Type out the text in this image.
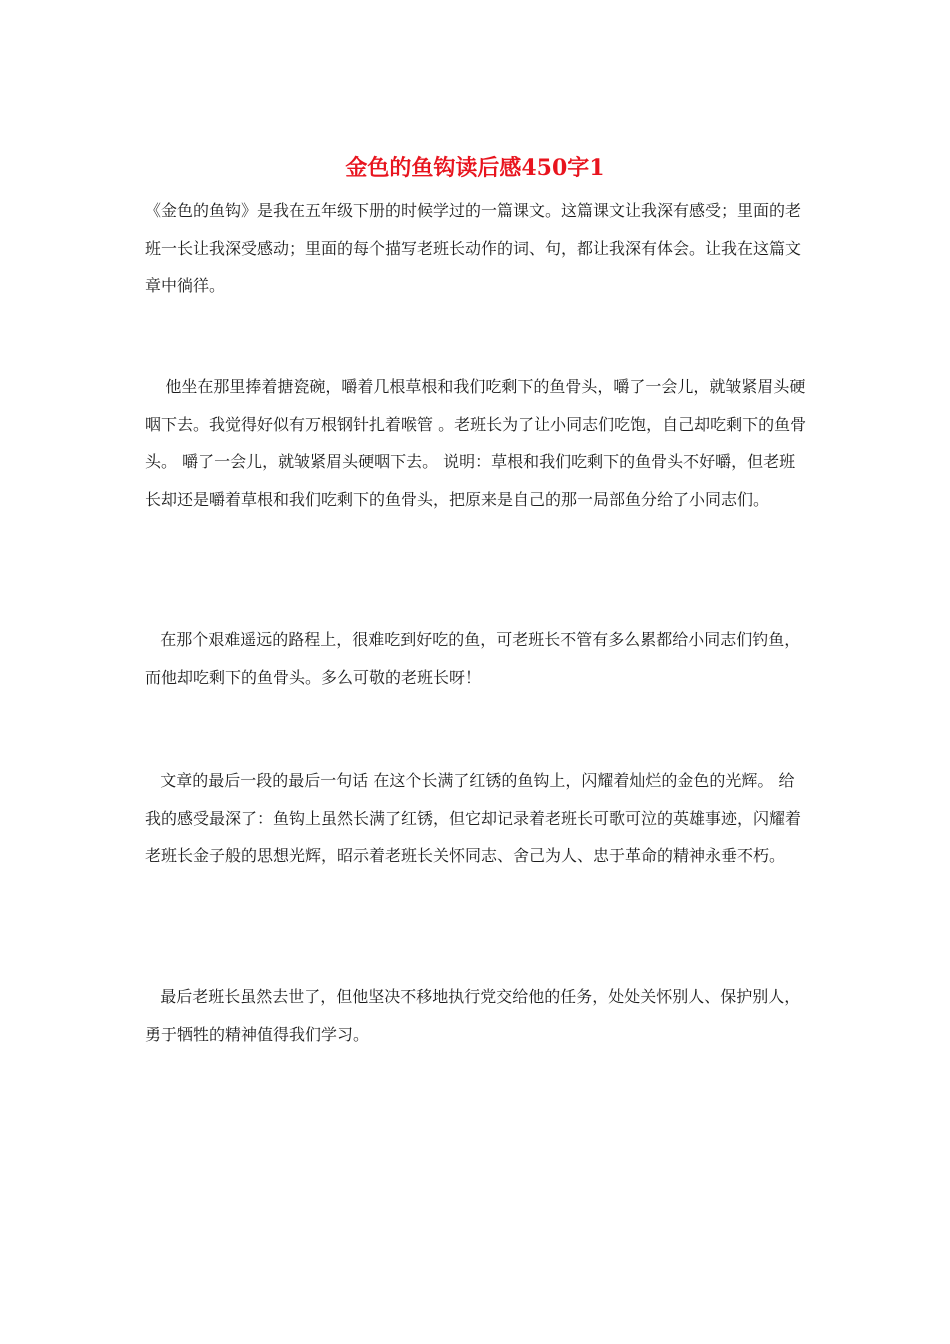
金色的鱼钩读后感450字1

《金色的鱼钩》是我在五年级下册的时候学过的一篇课文。这篇课文让我深有感受；里面的老班一长让我深受感动；里面的每个描写老班长动作的词、句，都让我深有体会。让我在这篇文章中徜徉。

他坐在那里捧着搪瓷碗，嚼着几根草根和我们吃剩下的鱼骨头，嚼了一会儿，就皱紧眉头硬咽下去。我觉得好似有万根钢针扎着喉管 。老班长为了让小同志们吃饱，自己却吃剩下的鱼骨头。 嚼了一会儿，就皱紧眉头硬咽下去。 说明：草根和我们吃剩下的鱼骨头不好嚼，但老班长却还是嚼着草根和我们吃剩下的鱼骨头，把原来是自己的那一局部鱼分给了小同志们。

在那个艰难遥远的路程上，很难吃到好吃的鱼，可老班长不管有多么累都给小同志们钓鱼，而他却吃剩下的鱼骨头。多么可敬的老班长呀！

文章的最后一段的最后一句话 在这个长满了红锈的鱼钩上，闪耀着灿烂的金色的光辉。 给我的感受最深了：鱼钩上虽然长满了红锈，但它却记录着老班长可歌可泣的英雄事迹，闪耀着老班长金子般的思想光辉，昭示着老班长关怀同志、舍己为人、忠于革命的精神永垂不朽。

最后老班长虽然去世了，但他坚决不移地执行党交给他的任务，处处关怀别人、保护别人，勇于牺牲的精神值得我们学习。
